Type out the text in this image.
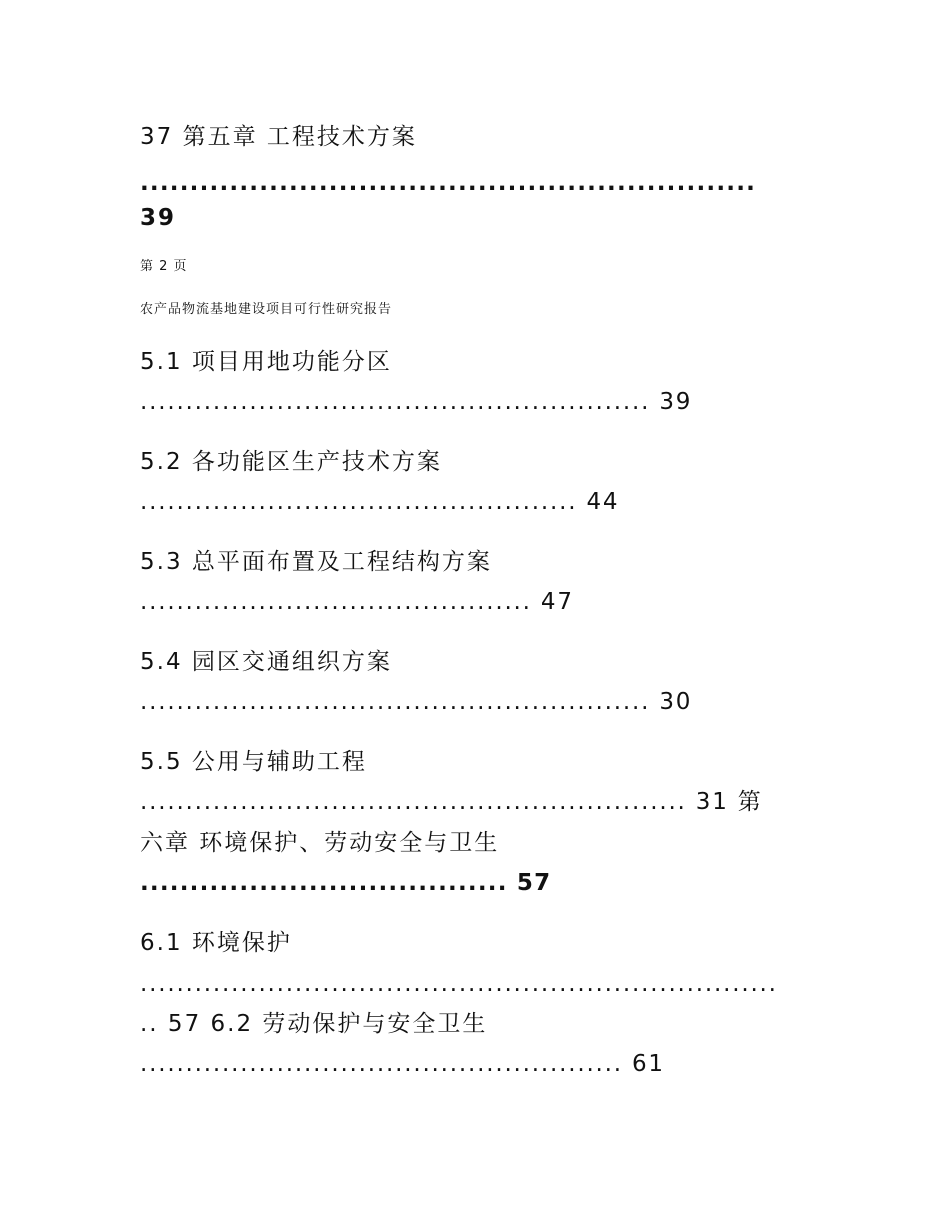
37 第五章 工程技术方案

..............................................................

39

第 2 页

农产品物流基地建设项目可行性研究报告

5.1 项目用地功能分区

........................................................ 39

5.2 各功能区生产技术方案

................................................ 44

5.3 总平面布置及工程结构方案

........................................... 47

5.4 园区交通组织方案

........................................................ 30

5.5 公用与辅助工程

............................................................ 31 第

六章 环境保护、劳动安全与卫生

..................................... 57

6.1 环境保护

......................................................................

.. 57 6.2 劳动保护与安全卫生

..................................................... 61
